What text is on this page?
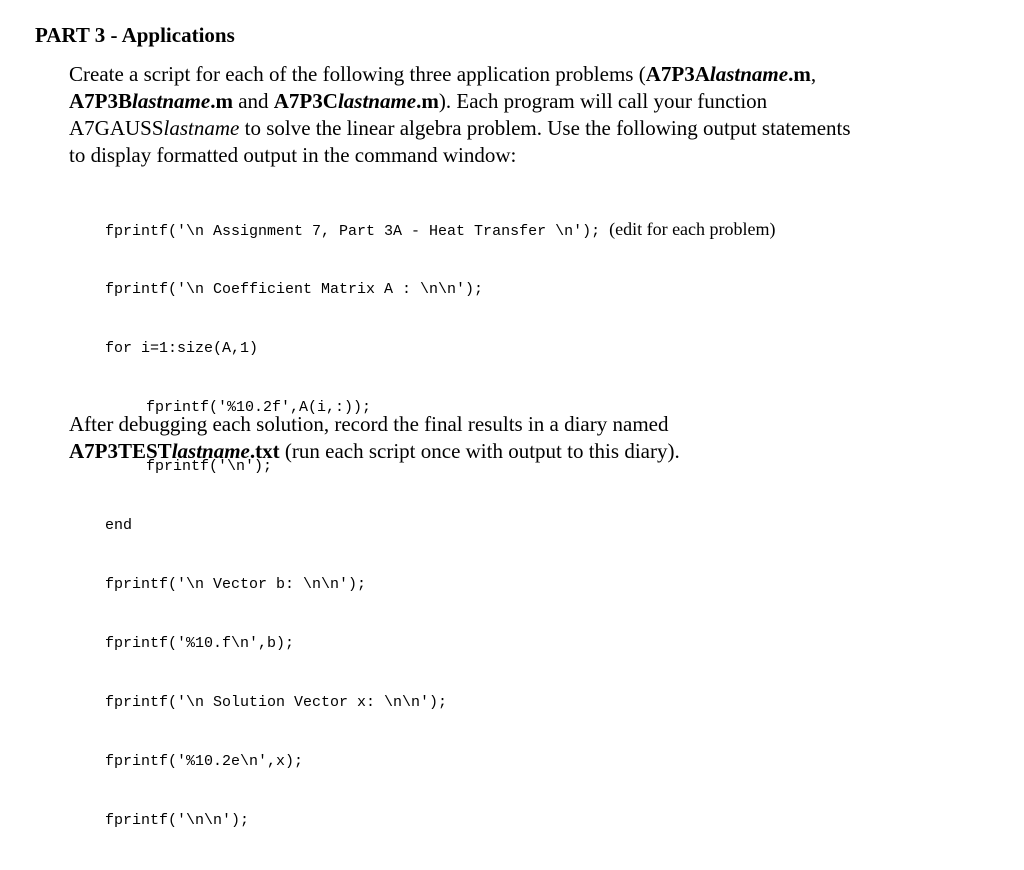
PART 3 - Applications
Create a script for each of the following three application problems (A7P3Alastname.m,
A7P3Blastname.m and A7P3Clastname.m). Each program will call your function
A7GAUSSlastname to solve the linear algebra problem. Use the following output statements
to display formatted output in the command window:

fprintf('\n Assignment 7, Part 3A - Heat Transfer \n'); (edit for each problem)

fprintf('\n Coefficient Matrix A : \n\n');

for i=1:size(A,1)

fprintf('%10.2f',A(i,:));

fprintf('\n');

end

fprintf('\n Vector b: \n\n');

fprintf('%10.f\n',b);

fprintf('\n Solution Vector x: \n\n');

fprintf('%10.2e\n',x);

fprintf('\n\n');

After debugging each solution, record the final results in a diary named
A7P3TESTlastname.txt (run each script once with output to this diary).
